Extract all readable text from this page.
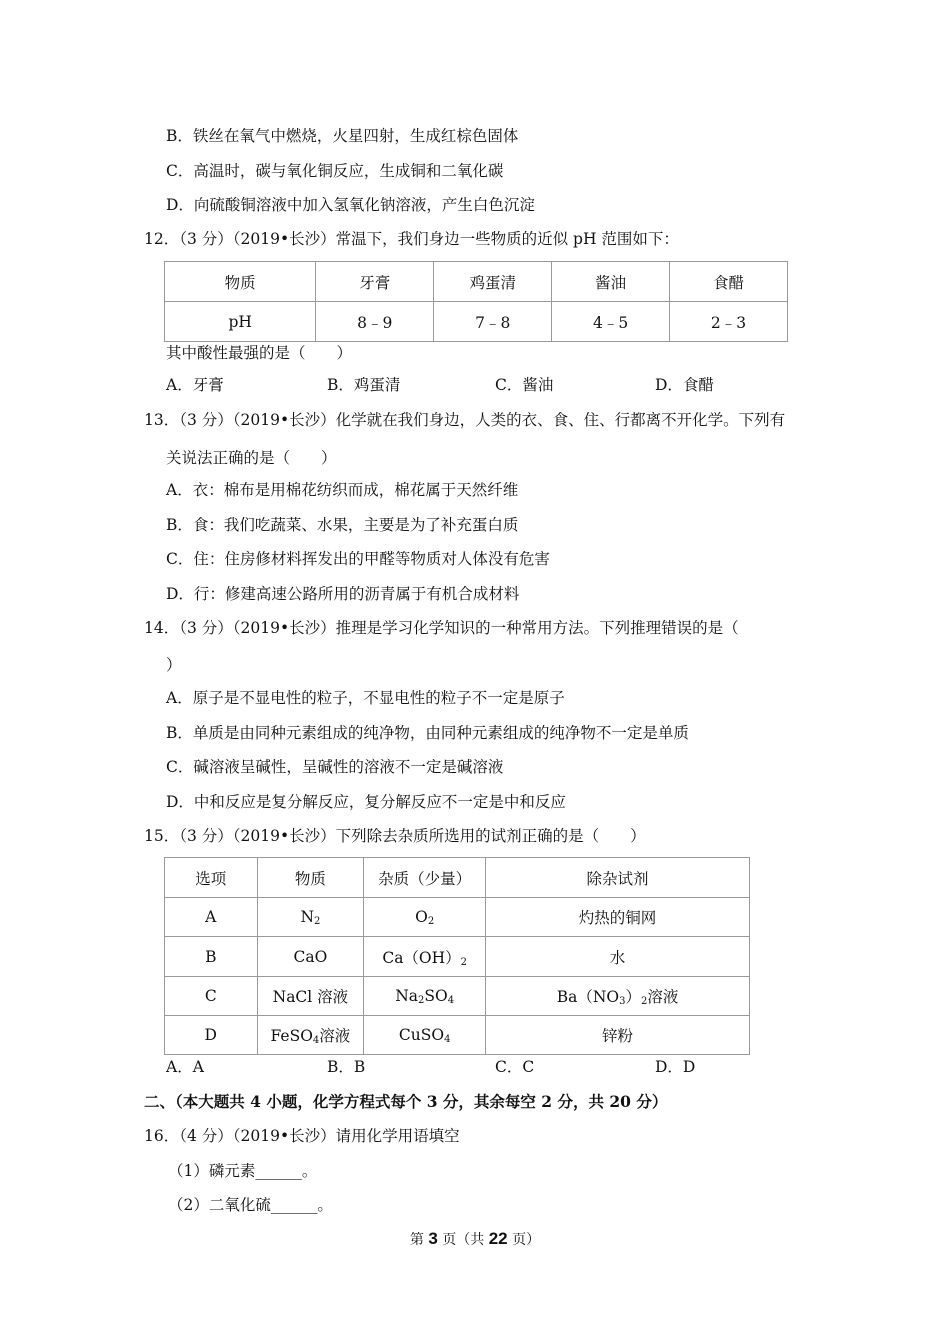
B．铁丝在氧气中燃烧，火星四射，生成红棕色固体
C．高温时，碳与氧化铜反应，生成铜和二氧化碳
D．向硫酸铜溶液中加入氢氧化钠溶液，产生白色沉淀
12．（3 分）（2019•长沙）常温下，我们身边一些物质的近似 pH 范围如下：
物质	牙膏	鸡蛋清	酱油	食醋
pH	8﹣9	7﹣8	4﹣5	2﹣3
其中酸性最强的是（　　）
A．牙膏	B．鸡蛋清	C．酱油	D．食醋
13．（3 分）（2019•长沙）化学就在我们身边，人类的衣、食、住、行都离不开化学。下列有
关说法正确的是（　　）
A．衣：棉布是用棉花纺织而成，棉花属于天然纤维
B．食：我们吃蔬菜、水果，主要是为了补充蛋白质
C．住：住房修材料挥发出的甲醛等物质对人体没有危害
D．行：修建高速公路所用的沥青属于有机合成材料
14．（3 分）（2019•长沙）推理是学习化学知识的一种常用方法。下列推理错误的是（
）
A．原子是不显电性的粒子，不显电性的粒子不一定是原子
B．单质是由同种元素组成的纯净物，由同种元素组成的纯净物不一定是单质
C．碱溶液呈碱性，呈碱性的溶液不一定是碱溶液
D．中和反应是复分解反应，复分解反应不一定是中和反应
15．（3 分）（2019•长沙）下列除去杂质所选用的试剂正确的是（　　）
选项	物质	杂质（少量）	除杂试剂
A	$N_2$	$O_2$	灼热的铜网
B	CaO	$Ca(OH)_2$	水
C	NaCl 溶液	$Na_2SO_4$	$Ba(NO_3)_2$溶液
D	FeSO$_4$溶液	CuSO$_4$	锌粉
A．A	B．B	C．C	D．D
二、（本大题共 4 小题，化学方程式每个 3 分，其余每空 2 分，共 20 分）
16．（4 分）（2019•长沙）请用化学用语填空
（1）磷元素______。
（2）二氧化硫______。
第 3 页（共 22 页）
